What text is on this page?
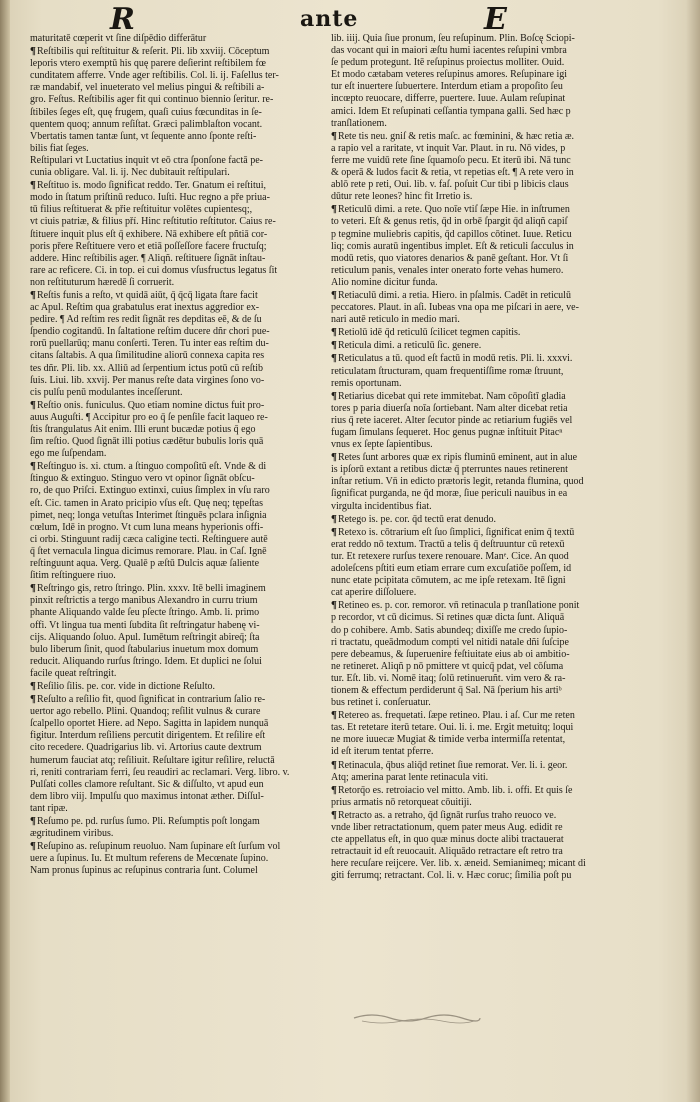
R	ante	E
maturitatē cœperit vt ſine diſpēdio differātur
¶Reſtibilis qui reſtituitur & reſerit. Pli. lib xxviij. Cōceptum
leporis vtero exemptū his quę parere deſierint reſtibilem fœ
cunditatem afferre. Vnde ager reſtibilis. Col. li. ij. Faſellus ter-
ræ mandabif, vel inueterato vel melius pingui & reſtibili a-
gro. Feſtus. Reſtibilis ager fit qui continuo biennio ſeritur. re-
ſtibiles ſeges eſt, quę frugem, quaſi cuius fœcunditas in ſe-
quentem quoq; annum reſiſtat. Græci palimblaſton vocant.
Vbertatis tamen tantæ ſunt, vt ſequente anno ſponte reſti-
bilis fiat ſeges.
Reſtipulari vt Luctatius inquit vt eō ctra ſponſone factā pe-
cunia obligare. Val. li. ij. Nec dubitauit reſtipulari.
¶Reſtituo is. modo ſignificat reddo. Ter. Gnatum ei reſtitui,
modo in ſtatum priſtinū reduco. Iuſti. Huc regno a pře priua-
tū filius reſtituerat & přie reſtituitur volētes cupientesq;,
vt ciuis patriæ, & filius pří. Hinc reſtitutio reſtitutor. Caius re-
ſtituere inquit plus eſt q̄ exhibere. Nā exhibere eſt pñtiā cor-
poris přere Reſtituere vero et etiā poſſeſſore facere fructuſq;
addere. Hinc reſtibilis ager. ¶ Aliqñ. reſtituere ſignāt inſtau-
rare ac reficere. Ci. in top. ei cui domus vſusfructus legatus ſit
non reſtituturum hæredē ſi corruerit.
¶Reſtis funis a reſto, vt quidā aiūt, q̄ q̄cq̄ ligata ſtare facit
ac Apul. Reſtim qua grabatulus erat inextus aggredior ex-
pedire. ¶ Ad reſtim res redit ſignāt res depditas eē, & de ſu
ſpendio cogitandū. In ſaltatione reſtim ducere dñr chori pue-
rorū puellarūq; manu conſerti. Teren. Tu inter eas reſtim du-
citans ſaltabis. A qua ſimilitudine aliorū connexa capita res
tes dñr. Pli. lib. xx. Alliū ad ſerpentium ictus potū cū reſtib̄
ſuis. Liui. lib. xxvij. Per manus reſte data virgines ſono vo-
cis pulſu penū modulantes inceſſerunt.
¶Reſtio onis. funiculus. Quo etiam nomine dictus fuit pro-
auus Auguſti. ¶ Accipitur pro eo q̄ ſe penſile facit laqueo re-
ſtis ſtrangulatus Ait enim. Illi erunt bucædæ potius q̄ ego
ſim reſtio. Quod ſignāt illi potius cædētur bubulis loris quā
ego me ſuſpendam.
¶Reſtinguo is. xi. ctum. a ſtinguo compoſitū eſt. Vnde & di
ſtinguo & extinguo. Stinguo vero vt opinor ſignāt obſcu-
ro, de quo Priſci. Extinguo extinxi, cuius ſimplex in vſu raro
eſt. Cic. tamen in Arato pricipio vſus eſt. Quę neq; tępeſtas
pimet, neq; longa vetuſtas Interimet ſtinguēs pclara inſignia
cœlum, Idē in progno. Vt cum luna means hyperionis offi-
ci orbi. Stinguunt radij cæca caligine tecti. Reſtinguere autē
q̄ ſtet vernacula lingua dicimus remorare. Plau. in Caſ. Ignē
reſtinguunt aqua. Verg. Qualē p æſtū Dulcis aquæ ſaliente
ſitim reſtinguere riuo.
¶Reſtringo gis, retro ſtringo. Plin. xxxv. Itē belli imaginem
pinxit reſtrictis a tergo manibus Alexandro in curru trium
phante Aliquando valde ſeu pſecte ſtringo. Amb. li. primo
offi. Vt lingua tua menti ſubdita ſit reſtringatur habenę vi-
cijs. Aliquando ſoluo. Apul. Iumētum reſtringit abireq̄; ſta
bulo liberum ſinit, quod ſtabularius inuetum mox domum
reducit. Aliquando rurſus ſtringo. Idem. Et duplici ne ſolui
facile queat reſtringit.
¶Reſilio ſilis. pe. cor. vide in dictione Reſulto.
¶Reſulto a reſilio fit, quod ſignificat in contrarium ſalio re-
uertor ago rebello. Plini. Quandoq; reſilit vulnus & curare
ſcalpello oportet Hiere. ad Nepo. Sagitta in lapidem nunquā
figitur. Interdum reſiliens percutit dirigentem. Et reſilire eſt
cito recedere. Quadrigarius lib. vi. Artorius caute dextrum
humerum fauciat atq; reſiliuit. Reſultare igitur reſilire, reluctā
ri, reniti contrariam ferri, ſeu reaudiri ac reclamari. Verg. libro. v.
Pulſati colles clamore reſultant. Sic & diſſulto, vt apud eun
dem libro viij. Impulſu quo maximus intonat æther. Diſſul-
tant ripæ.
¶Reſumo pe. pd. rurſus ſumo. Pli. Reſumptis poſt longam
ægritudinem viribus.
¶Reſupino as. reſupinum reuoluo. Nam ſupinare eſt ſurſum vol
uere a ſupinus. Iu. Et multum referens de Mecœnate ſupino.
Nam pronus ſupinus ac reſupinus contraria ſunt. Columel
lib. iiij. Quia ſiue pronum, ſeu reſupinum. Plin. Boſcę Sciopi-
das vocant qui in maiori æſtu humi iacentes reſupini vmbra
ſe pedum protegunt. Itē reſupinus proiectus molliter. Ouid.
Et modo cætabam veteres reſupinus amores. Reſupinare igi
tur eſt inuertere ſubuertere. Interdum etiam a propoſito ſeu
incœpto reuocare, differre, puertere. Iuue. Aulam reſupinat
amici. Idem Et reſupinati ceſſantia tympana galli. Sed hæc p
tranſlationem.
¶Rete tis neu. gniſ & retis maſc. ac fœminini, & hæc retia æ.
a rapio vel a raritate, vt inquit Var. Plaut. in ru. Nō vides, p
ferre me vuidū rete ſine ſquamoſo pecu. Et iterū ibi. Nā tunc
& operā & ludos facit & retia, vt repetias eſt. ¶ A rete vero in
ablō rete p reti, Oui. lib. v. faſ. poſuit Cur tibi p libicis claus
dūtur rete leones? hinc fit Irretio is.
¶Reticulū dimi. a rete. Quo noīe vtiſ ſæpe Hie. in inſtrumen
to veteri. Eſt & genus retis, q̄d in orbē ſpargit q̄d aliqñ capiſ
p tegmine muliebris capitis, q̄d capillos cōtinet. Iuue. Reticu
liq; comis auratū ingentibus implet. Eſt & reticuli ſacculus in
modū retis, quo viatores denarios & panē geſtant. Hor. Vt ſi
reticulum panis, venales inter onerato forte vehas humero.
Alio nomine dicitur funda.
¶Retiaculū dimi. a retia. Hiero. in pſalmis. Cadēt in reticulū
peccatores. Plaut. in aſi. Iubeas vna opa me piſcari in aere, ve-
nari autē reticulo in medio mari.
¶Retiolū idē q̄d reticulū ſcilicet tegmen capitis.
¶Reticula dimi. a reticulū ſic. genere.
¶Reticulatus a tū. quod eſt factū in modū retis. Pli. li. xxxvi.
reticulatam ſtructuram, quam frequentiſſime romæ ſtruunt,
remis oportunam.
¶Retiarius dicebat qui rete immitebat. Nam cōpoſitī gladia
tores p paria diuerſa noīa ſortiebant. Nam alter dicebat retia
rius q̄ rete iaceret. Alter ſecutor pinde ac retiarium fugiēs vel
fugam ſimulans ſequeret. Hoc genus pugnæ inſtituit Pitacⁿ
vnus ex ſepte ſapientibus.
¶Retes ſunt arbores quæ ex ripis fluminū eminent, aut in alue
is ipſorū extant a retibus dictæ q̄ pterruntes naues retinerent
inſtar retium. Vn̄ in edicto prætoris legit, retanda flumina, quod
ſignificat purganda, ne q̄d moræ, ſiue periculi nauibus in ea
virgulta incidentibus fiat.
¶Retego is. pe. cor. q̄d tectū erat denudo.
¶Retexo is. cōtrarium eſt ſuo ſimplici, ſignificat enim q̄ textū
erat reddo nō textum. Tractū a telis q̄ deſtruuntur cū retexū
tur. Et retexere rurſus texere renouare. Manᵉ. Cice. An quod
adoleſcens pſtiti eum etiam errare cum excuſatiōe poſſem, id
nunc etate pcipitata cōmutem, ac me ipſe retexam. Itē ſigni
cat aperire diſſoluere.
¶Retineo es. p. cor. remoror. vn̄ retinacula p tranſlatione ponit
p recordor, vt cū dicimus. Si retines quæ dicta ſunt. Aliquā
do p cohibere. Amb. Satis abundeq; dixiſſe me credo ſupio-
ri tractatu, queādmodum compti vel nitidi natale dñi ſuſcipe
pere debeamus, & ſuperuenire feſtiuitate eius ab oi ambitio-
ne retineret. Aliqñ p nō pmittere vt quicq̄ pdat, vel cōſuma
tur. Eſt. lib. vi. Nomē itaq; ſolū retinueruñt. vim vero & ra-
tionem & effectum perdiderunt q̄ Sal. Nā ſperium his artiᵇ
bus retinet i. conſeruatur.
¶Retereo as. frequetati. ſæpe retineo. Plau. i aſ. Cur me reten
tas. Et retetare iterū tetare. Oui. li. i. me. Ergit metuitq; loqui
ne more iuuecæ Mugiat & timide verba intermiſſa retentat,
id eſt iterum tentat pferre.
¶Retinacula, q̄bus aliq̄d retinet ſiue remorat. Ver. li. i. geor.
Atq; amerina parat lente retinacula viti.
¶Retorq̄o es. retroiacio vel mitto. Amb. lib. i. offi. Et quis ſe
prius armatis nō retorqueat cōuitiji.
¶Retracto as. a retraho, q̄d ſignāt rurſus traho reuoco ve.
vnde liber retractationum, quem pater meus Aug. edidit re
cte appellatus eſt, in quo quæ minus docte alibi tractauerat
retractauit id eſt reuocauit. Aliquādo retractare eſt retro tra
here recuſare reijcere. Ver. lib. x. æneid. Semianimeq; micant di
giti ferrumq; retractant. Col. li. v. Hæc coruc; ſimilia poſt pu
